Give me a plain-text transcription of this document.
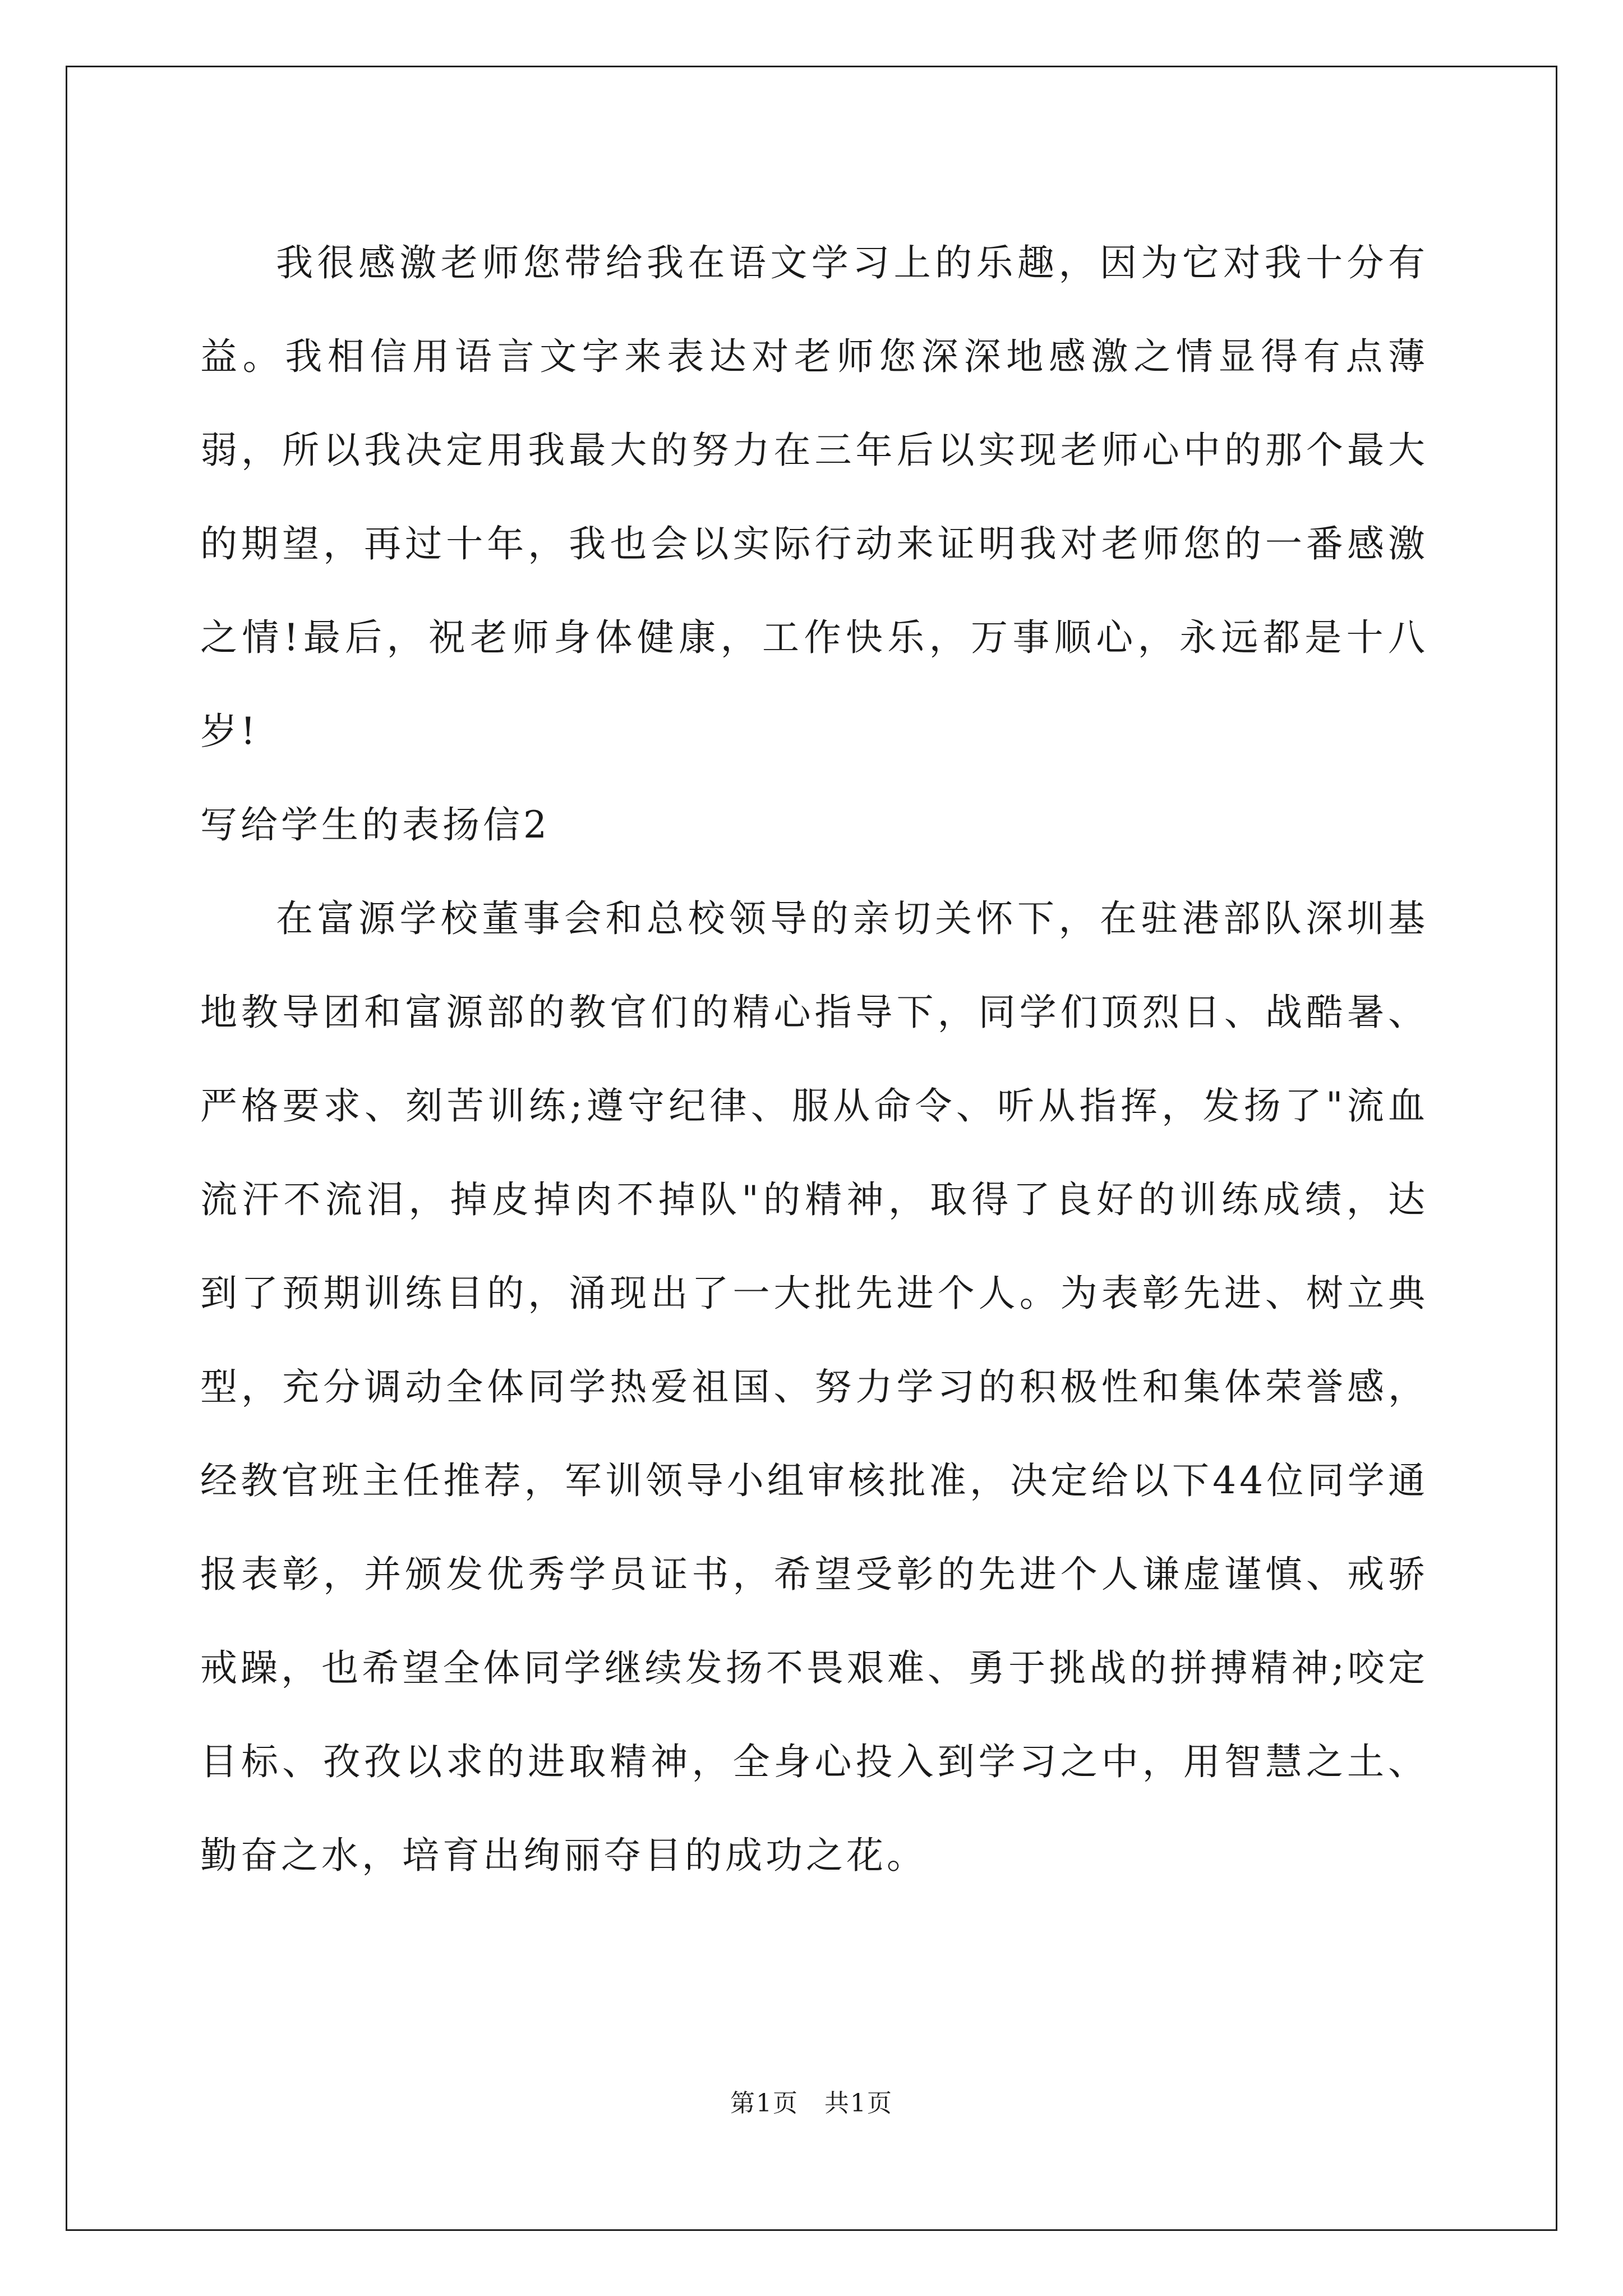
我很感激老师您带给我在语文学习上的乐趣，因为它对我十分有益。我相信用语言文字来表达对老师您深深地感激之情显得有点薄弱，所以我决定用我最大的努力在三年后以实现老师心中的那个最大的期望，再过十年，我也会以实际行动来证明我对老师您的一番感激之情!最后，祝老师身体健康，工作快乐，万事顺心，永远都是十八岁!

写给学生的表扬信2

在富源学校董事会和总校领导的亲切关怀下，在驻港部队深圳基地教导团和富源部的教官们的精心指导下，同学们顶烈日、战酷暑、严格要求、刻苦训练;遵守纪律、服从命令、听从指挥，发扬了"流血流汗不流泪，掉皮掉肉不掉队"的精神，取得了良好的训练成绩，达到了预期训练目的，涌现出了一大批先进个人。为表彰先进、树立典型，充分调动全体同学热爱祖国、努力学习的积极性和集体荣誉感，经教官班主任推荐，军训领导小组审核批准，决定给以下44位同学通报表彰，并颁发优秀学员证书，希望受彰的先进个人谦虚谨慎、戒骄戒躁，也希望全体同学继续发扬不畏艰难、勇于挑战的拼搏精神;咬定目标、孜孜以求的进取精神，全身心投入到学习之中，用智慧之土、勤奋之水，培育出绚丽夺目的成功之花。

第1页　共1页
